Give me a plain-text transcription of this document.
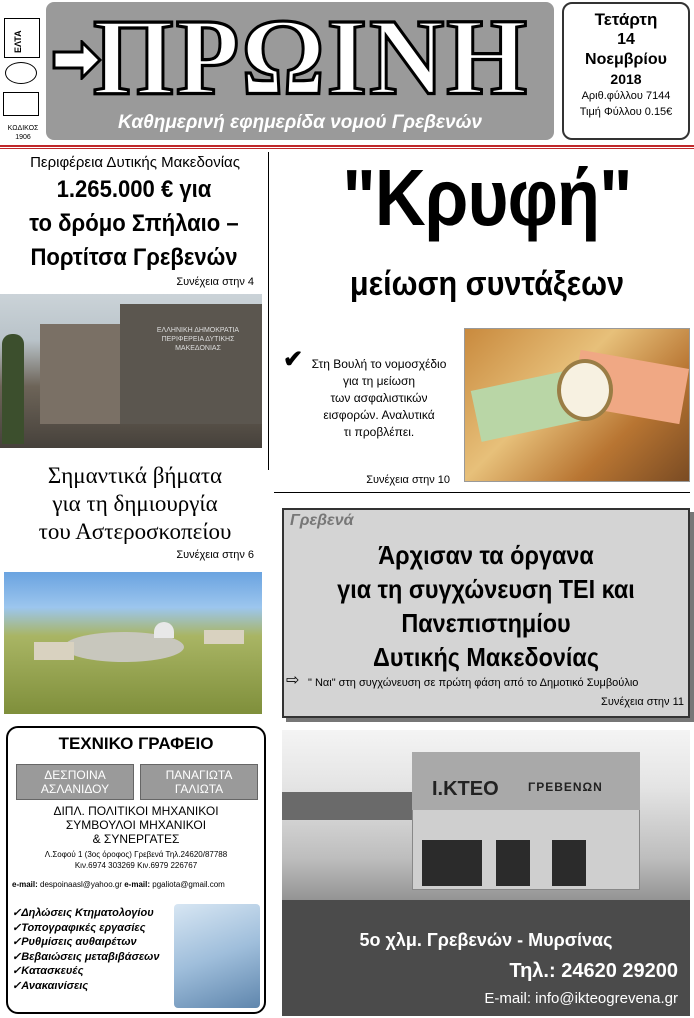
ΕΛΤΑ
ΚΩΔΙΚΟΣ
1906
ΠΡΩΙΝΗ
Καθημερινή εφημερίδα νομού Γρεβενών
Τετάρτη
14
Νοεμβρίου
2018
Αριθ.φύλλου 7144
Τιμή Φύλλου 0.15€
Περιφέρεια Δυτικής Μακεδονίας
1.265.000 € για
το δρόμο Σπήλαιο –
Πορτίτσα Γρεβενών
Συνέχεια στην 4
ΕΛΛΗΝΙΚΗ ΔΗΜΟΚΡΑΤΙΑ
ΠΕΡΙΦΕΡΕΙΑ ΔΥΤΙΚΗΣ ΜΑΚΕΔΟΝΙΑΣ
Σημαντικά βήματα
για τη δημιουργία
του Αστεροσκοπείου
Συνέχεια στην 6
"Κρυφή"
μείωση συντάξεων
✔ Στη Βουλή το νομοσχέδιο
για τη μείωση
των ασφαλιστικών
εισφορών. Αναλυτικά
τι προβλέπει.
Συνέχεια στην 10
Γρεβενά
Άρχισαν τα όργανα
για τη συγχώνευση ΤΕΙ και
Πανεπιστημίου
Δυτικής Μακεδονίας
⇨ " Ναι" στη συγχώνευση σε πρώτη φάση από το Δημοτικό Συμβούλιο
Συνέχεια στην 11
ΤΕΧΝΙΚΟ ΓΡΑΦΕΙΟ
ΔΕΣΠΟΙΝΑ
ΑΣΛΑΝΙΔΟΥ
ΠΑΝΑΓΙΩΤΑ
ΓΑΛΙΩΤΑ
ΔΙΠΛ. ΠΟΛΙΤΙΚΟΙ ΜΗΧΑΝΙΚΟΙ
ΣΥΜΒΟΥΛΟΙ ΜΗΧΑΝΙΚΟΙ
& ΣΥΝΕΡΓΑΤΕΣ
Λ.Σοφού 1 (3ος όροφος) Γρεβενά Τηλ.24620/87788
Κιν.6974 303269 Κιν.6979 226767
e-mail: despoinaasl@yahoo.gr e-mail: pgaliota@gmail.com
✓Δηλώσεις Κτηματολογίου
✓Τοπογραφικές εργασίες
✓Ρυθμίσεις αυθαιρέτων
✓Βεβαιώσεις μεταβιβάσεων
✓Κατασκευές
✓Ανακαινίσεις
Ι.ΚΤΕΟ ΓΡΕΒΕΝΩΝ
5ο χλμ. Γρεβενών - Μυρσίνας
Τηλ.: 24620 29200
E-mail: info@ikteogrevena.gr
